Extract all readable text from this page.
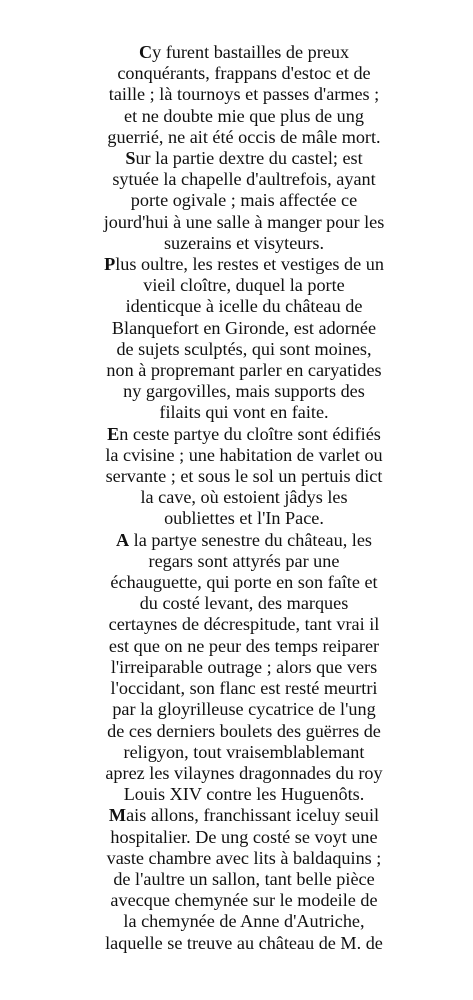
Cy furent bastailles de preux
conquérants, frappans d'estoc et de
taille ; là tournoys et passes d'armes ;
et ne doubte mie que plus de ung
guerrié, ne ait été occis de mâle mort.
Sur la partie dextre du castel; est
sytuée la chapelle d'aultrefois, ayant
porte ogivale ; mais affectée ce
jourd'hui à une salle à manger pour les
suzerains et visyteurs.
Plus oultre, les restes et vestiges de un
vieil cloître, duquel la porte
identicque à icelle du château de
Blanquefort en Gironde, est adornée
de sujets sculptés, qui sont moines,
non à propremant parler en caryatides
ny gargovilles, mais supports des
filaits qui vont en faite.
En ceste partye du cloître sont édifiés
la cvisine ; une habitation de varlet ou
servante ; et sous le sol un pertuis dict
la cave, où estoient jâdys les
oubliettes et l'In Pace.
A la partye senestre du château, les
regars sont attyrés par une
échauguette, qui porte en son faîte et
du costé levant, des marques
certaynes de décrespitude, tant vrai il
est que on ne peur des temps reiparer
l'irreiparable outrage ; alors que vers
l'occidant, son flanc est resté meurtri
par la gloyrilleuse cycatrice de l'ung
de ces derniers boulets des guërres de
religyon, tout vraisemblablemant
aprez les vilaynes dragonnades du roy
Louis XIV contre les Huguenôts.
Mais allons, franchissant iceluy seuil
hospitalier. De ung costé se voyt une
vaste chambre avec lits à baldaquins ;
de l'aultre un sallon, tant belle pièce
avecque chemynée sur le modeile de
la chemynée de Anne d'Autriche,
laquelle se treuve au château de M. de
